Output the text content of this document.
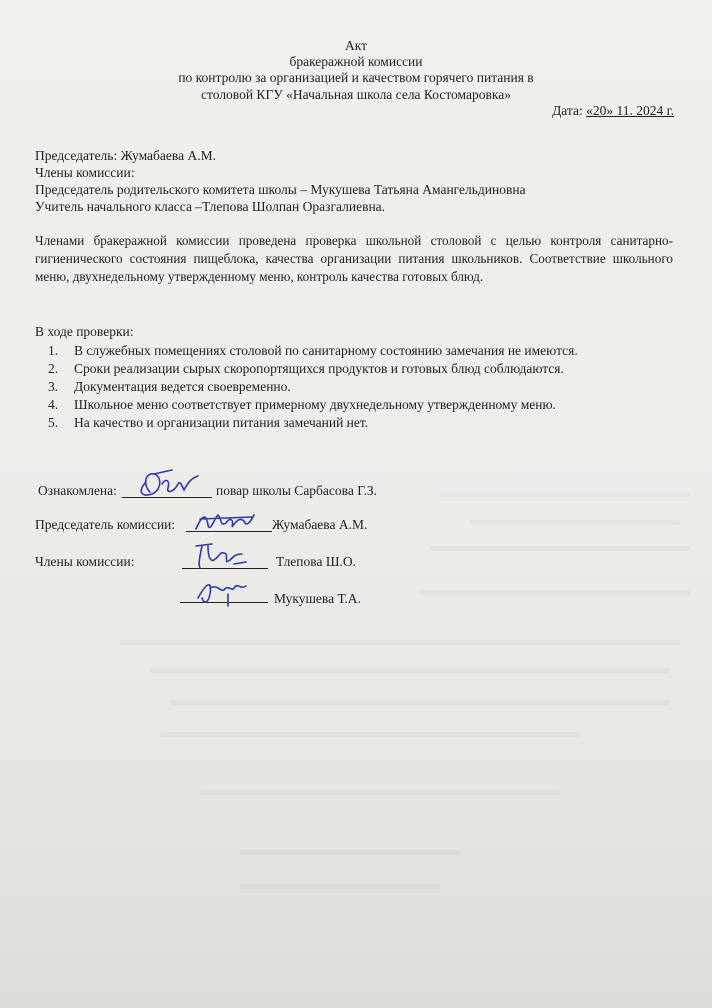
Акт
бракеражной комиссии
по контролю за организацией и качеством горячего питания в
столовой КГУ «Начальная школа села Костомаровка»
Дата: «20» 11. 2024 г.
Председатель: Жумабаева А.М.
Члены комиссии:
Председатель родительского комитета школы – Мукушева Татьяна Амангельдиновна
Учитель начального класса –Тлепова Шолпан Оразгалиевна.
Членами бракеражной комиссии проведена проверка школьной столовой с целью контроля санитарно-гигиенического состояния пищеблока, качества организации питания школьников. Соответствие школьного меню, двухнедельному утвержденному меню, контроль качества готовых блюд.
В ходе проверки:
1. В служебных помещениях столовой по санитарному состоянию замечания не имеются.
2. Сроки реализации сырых скоропортящихся продуктов и готовых блюд соблюдаются.
3. Документация ведется своевременно.
4. Школьное меню соответствует примерному двухнедельному утвержденному меню.
5. На качество и организации питания замечаний нет.
Ознакомлена:	повар школы Сарбасова Г.З.
Председатель комиссии:	Жумабаева А.М.
Члены комиссии:	Тлепова Ш.О.
Мукушева Т.А.
